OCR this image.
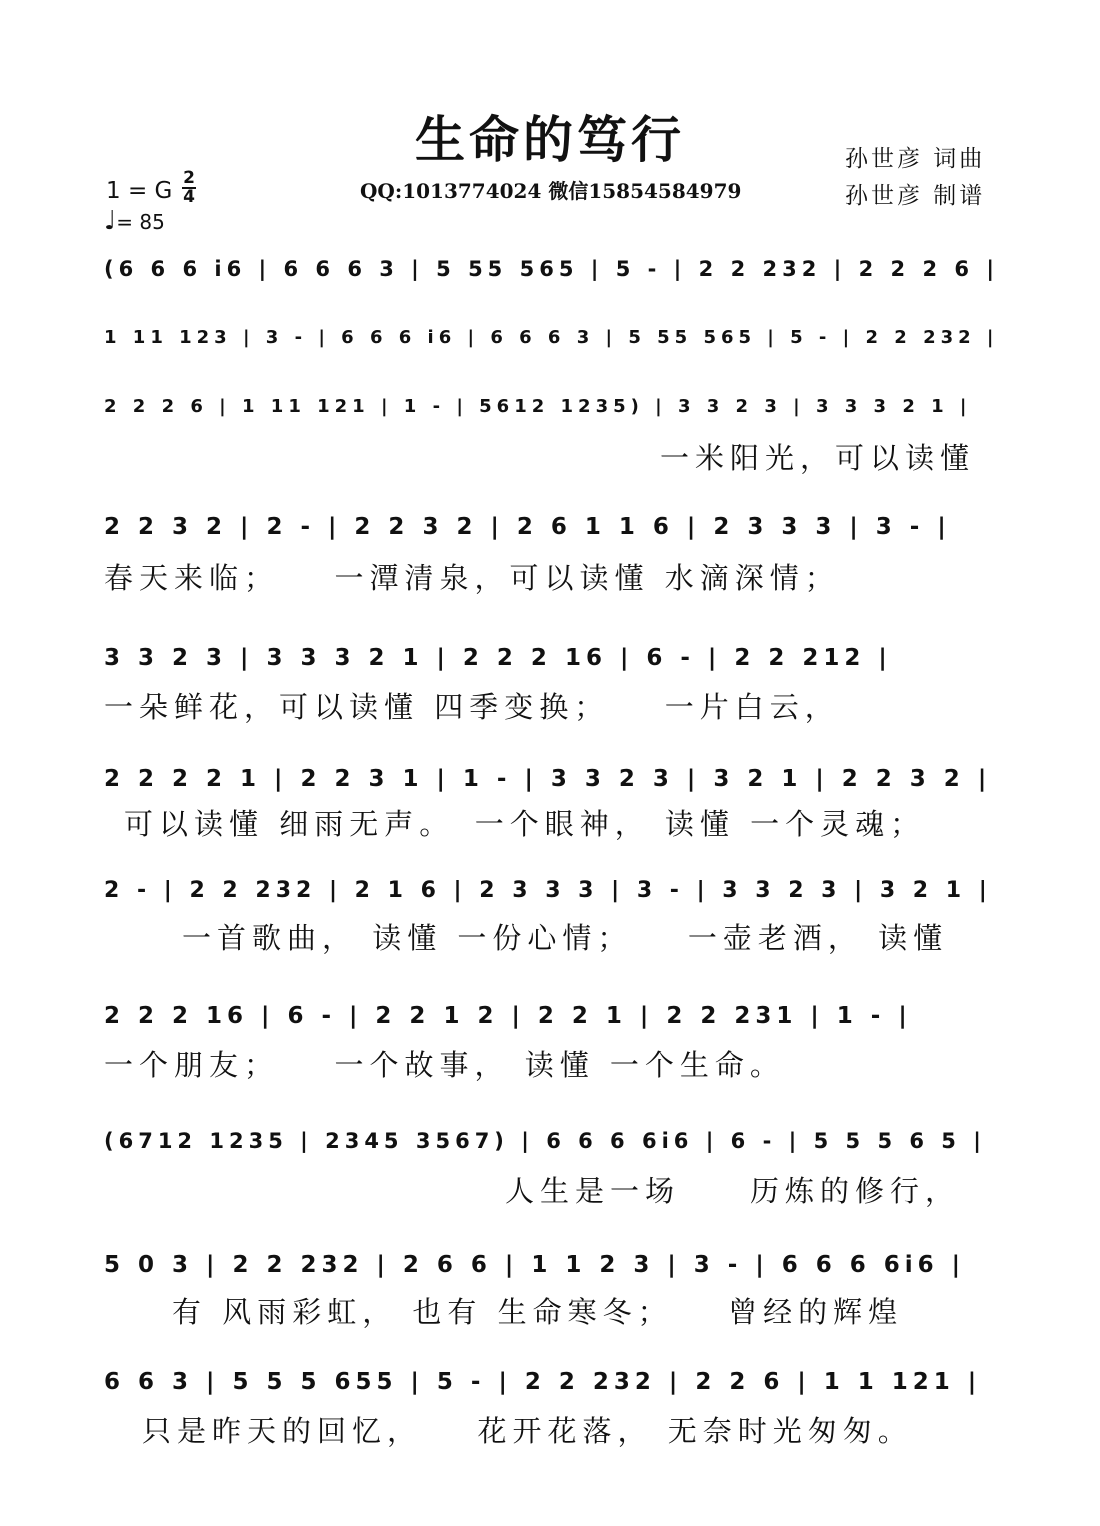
生命的笃行	孙世彦 词曲
孙世彦 制谱
QQ:1013774024 微信15854584979
1 = G 2
4
♩= 85
(6 6 6 i6 | 6 6 6 3 | 5 55 565 | 5 - | 2 2 232 | 2 2 2 6 |
1 11 123 | 3 - | 6 6 6 i6 | 6 6 6 3 | 5 55 565 | 5 - | 2 2 232 |
2 2 2 6 | 1 11 121 | 1 - | 5612 1235) | 3 3 2 3 | 3 3 3 2 1 |
一米阳光，可以读懂
2 2 3 2 | 2 - | 2 2 3 2 | 2 6 1 1 6 | 2 3 3 3 | 3 - |
春天来临；　　一潭清泉，可以读懂 水滴深情；
3 3 2 3 | 3 3 3 2 1 | 2 2 2 16 | 6 - | 2 2 212 |
一朵鲜花，可以读懂 四季变换；　　一片白云，
2 2 2 2 1 | 2 2 3 1 | 1 - | 3 3 2 3 | 3 2 1 | 2 2 3 2 |
可以读懂 细雨无声。　一个眼神， 读懂 一个灵魂；
2 - | 2 2 232 | 2 1 6 | 2 3 3 3 | 3 - | 3 3 2 3 | 3 2 1 |
一首歌曲， 读懂 一份心情；　　一壶老酒， 读懂
2 2 2 16 | 6 - | 2 2 1 2 | 2 2 1 | 2 2 231 | 1 - |
一个朋友；　　一个故事， 读懂 一个生命。
(6712 1235 | 2345 3567) | 6 6 6 6i6 | 6 - | 5 5 5 6 5 |
人生是一场　　历炼的修行，
5 0 3 | 2 2 232 | 2 6 6 | 1 1 2 3 | 3 - | 6 6 6 6i6 |
有 风雨彩虹， 也有 生命寒冬；　　曾经的辉煌
6 6 3 | 5 5 5 655 | 5 - | 2 2 232 | 2 2 6 | 1 1 121 |
只是昨天的回忆，　　花开花落， 无奈时光匆匆。
